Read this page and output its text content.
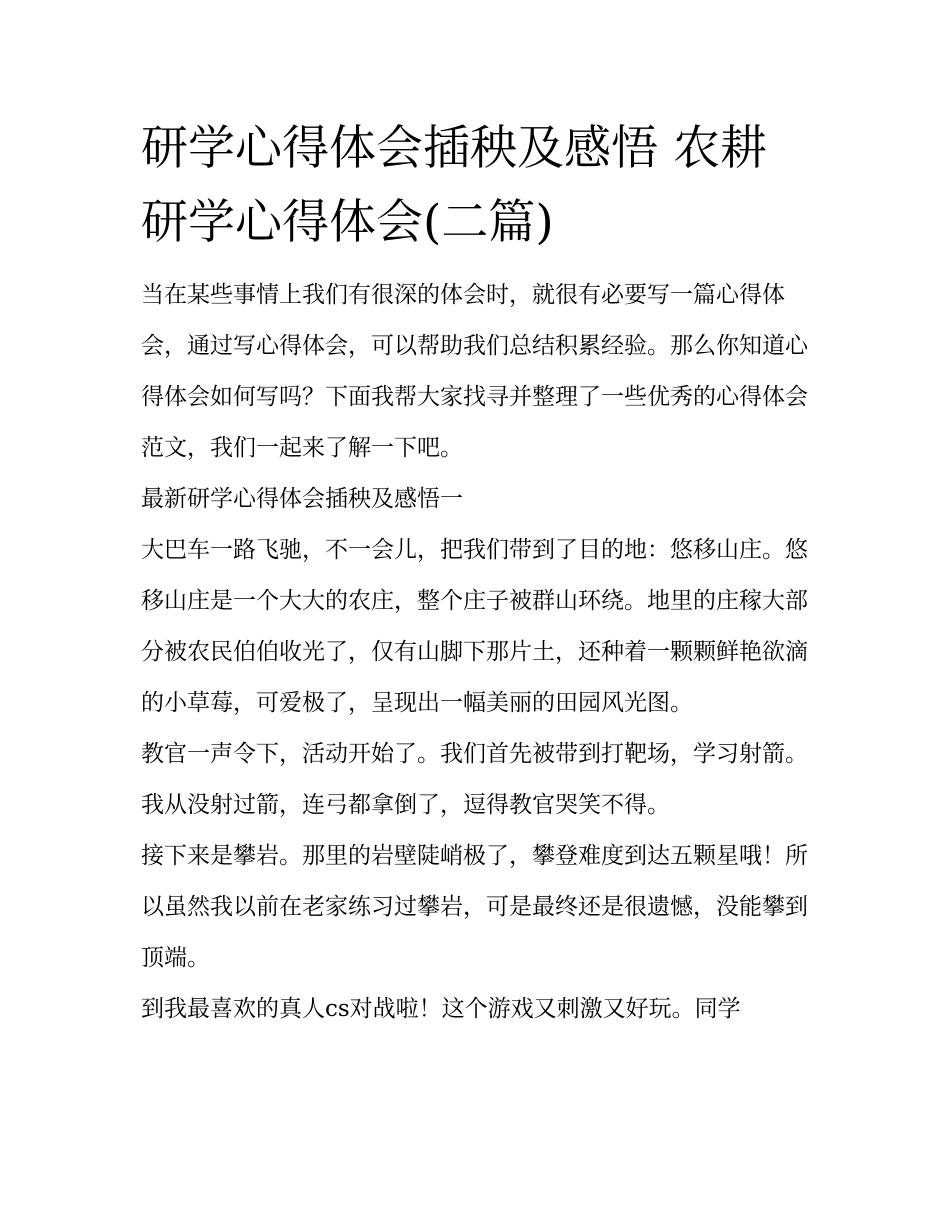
研学心得体会插秧及感悟 农耕研学心得体会(二篇)

当在某些事情上我们有很深的体会时，就很有必要写一篇心得体会，通过写心得体会，可以帮助我们总结积累经验。那么你知道心得体会如何写吗？下面我帮大家找寻并整理了一些优秀的心得体会范文，我们一起来了解一下吧。

最新研学心得体会插秧及感悟一

大巴车一路飞驰，不一会儿，把我们带到了目的地：悠移山庄。悠移山庄是一个大大的农庄，整个庄子被群山环绕。地里的庄稼大部分被农民伯伯收光了，仅有山脚下那片土，还种着一颗颗鲜艳欲滴的小草莓，可爱极了，呈现出一幅美丽的田园风光图。

教官一声令下，活动开始了。我们首先被带到打靶场，学习射箭。我从没射过箭，连弓都拿倒了，逗得教官哭笑不得。

接下来是攀岩。那里的岩壁陡峭极了，攀登难度到达五颗星哦！所以虽然我以前在老家练习过攀岩，可是最终还是很遗憾，没能攀到顶端。

到我最喜欢的真人cs对战啦！这个游戏又刺激又好玩。同学
